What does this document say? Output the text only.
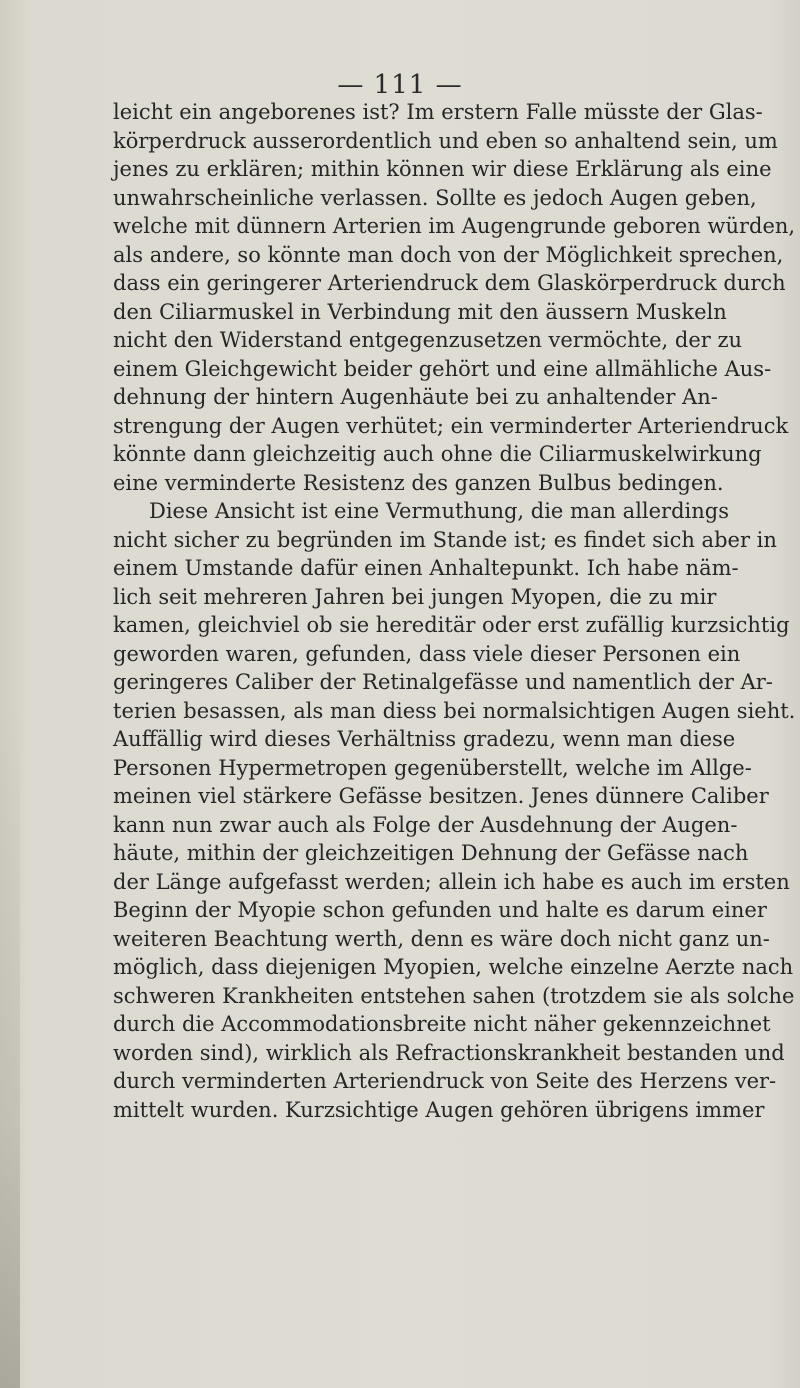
— 111 —
leicht ein angeborenes ist? Im erstern Falle müsste der Glas-
körperdruck ausserordentlich und eben so anhaltend sein, um
jenes zu erklären; mithin können wir diese Erklärung als eine
unwahrscheinliche verlassen. Sollte es jedoch Augen geben,
welche mit dünnern Arterien im Augengrunde geboren würden,
als andere, so könnte man doch von der Möglichkeit sprechen,
dass ein geringerer Arteriendruck dem Glaskörperdruck durch
den Ciliarmuskel in Verbindung mit den äussern Muskeln
nicht den Widerstand entgegenzusetzen vermöchte, der zu
einem Gleichgewicht beider gehört und eine allmähliche Aus-
dehnung der hintern Augenhäute bei zu anhaltender An-
strengung der Augen verhütet; ein verminderter Arteriendruck
könnte dann gleichzeitig auch ohne die Ciliarmuskelwirkung
eine verminderte Resistenz des ganzen Bulbus bedingen.
Diese Ansicht ist eine Vermuthung, die man allerdings
nicht sicher zu begründen im Stande ist; es findet sich aber in
einem Umstande dafür einen Anhaltepunkt. Ich habe näm-
lich seit mehreren Jahren bei jungen Myopen, die zu mir
kamen, gleichviel ob sie hereditär oder erst zufällig kurzsichtig
geworden waren, gefunden, dass viele dieser Personen ein
geringeres Caliber der Retinalgefässe und namentlich der Ar-
terien besassen, als man diess bei normalsichtigen Augen sieht.
Auffällig wird dieses Verhältniss gradezu, wenn man diese
Personen Hypermetropen gegenüberstellt, welche im Allge-
meinen viel stärkere Gefässe besitzen. Jenes dünnere Caliber
kann nun zwar auch als Folge der Ausdehnung der Augen-
häute, mithin der gleichzeitigen Dehnung der Gefässe nach
der Länge aufgefasst werden; allein ich habe es auch im ersten
Beginn der Myopie schon gefunden und halte es darum einer
weiteren Beachtung werth, denn es wäre doch nicht ganz un-
möglich, dass diejenigen Myopien, welche einzelne Aerzte nach
schweren Krankheiten entstehen sahen (trotzdem sie als solche
durch die Accommodationsbreite nicht näher gekennzeichnet
worden sind), wirklich als Refractionskrankheit bestanden und
durch verminderten Arteriendruck von Seite des Herzens ver-
mittelt wurden. Kurzsichtige Augen gehören übrigens immer
